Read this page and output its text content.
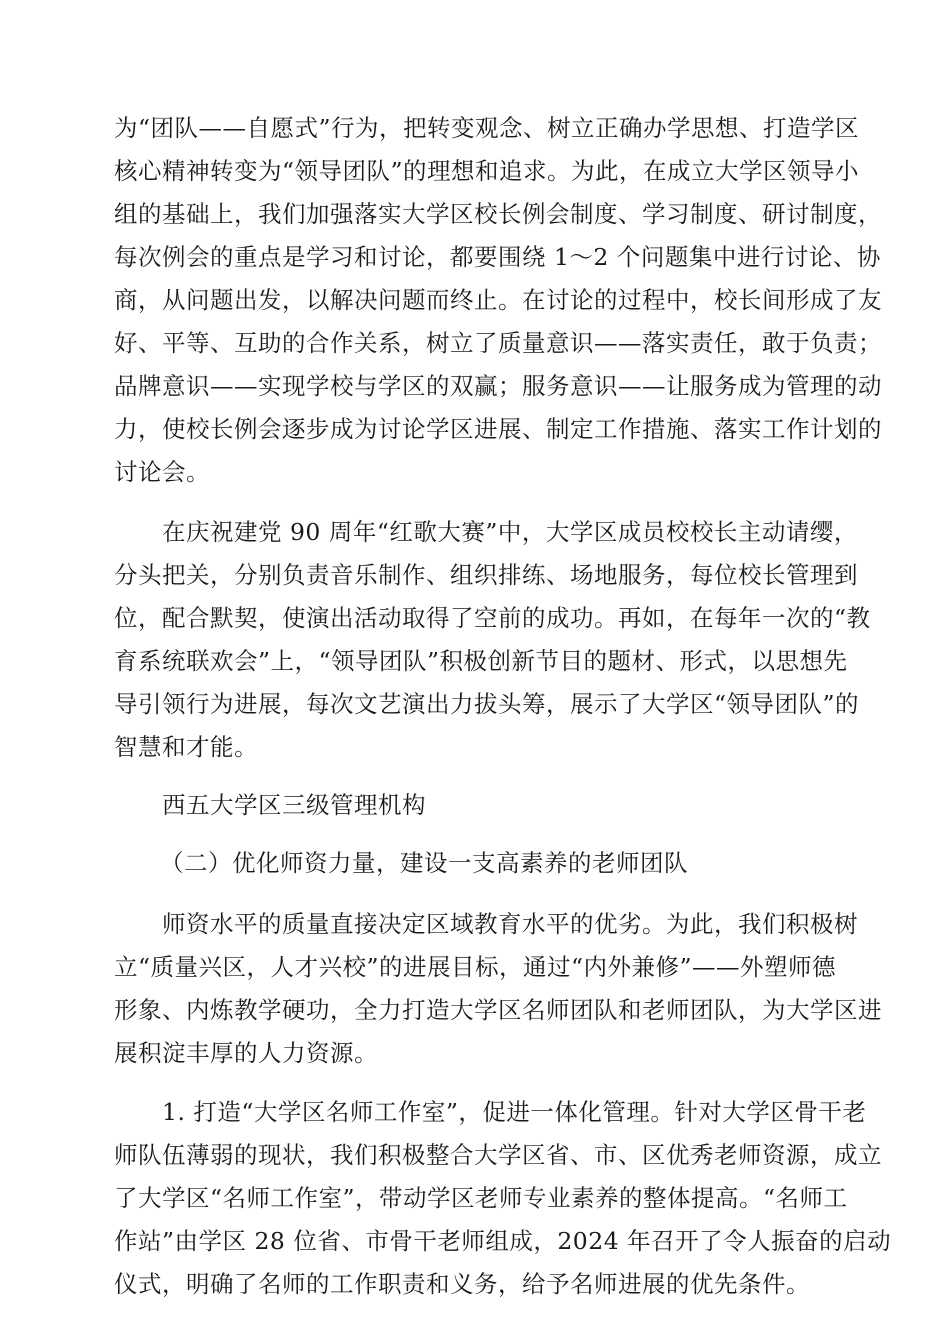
为“团队——自愿式”行为，把转变观念、树立正确办学思想、打造学区
核心精神转变为“领导团队”的理想和追求。为此，在成立大学区领导小
组的基础上，我们加强落实大学区校长例会制度、学习制度、研讨制度，
每次例会的重点是学习和讨论，都要围绕 1～2 个问题集中进行讨论、协
商，从问题出发，以解决问题而终止。在讨论的过程中，校长间形成了友
好、平等、互助的合作关系，树立了质量意识——落实责任，敢于负责；
品牌意识——实现学校与学区的双赢；服务意识——让服务成为管理的动
力，使校长例会逐步成为讨论学区进展、制定工作措施、落实工作计划的
讨论会。
在庆祝建党 90 周年“红歌大赛”中，大学区成员校校长主动请缨，
分头把关，分别负责音乐制作、组织排练、场地服务，每位校长管理到
位，配合默契，使演出活动取得了空前的成功。再如，在每年一次的“教
育系统联欢会”上，“领导团队”积极创新节目的题材、形式，以思想先
导引领行为进展，每次文艺演出力拔头筹，展示了大学区“领导团队”的
智慧和才能。
西五大学区三级管理机构
（二）优化师资力量，建设一支高素养的老师团队
师资水平的质量直接决定区域教育水平的优劣。为此，我们积极树
立“质量兴区，人才兴校”的进展目标，通过“内外兼修”——外塑师德
形象、内炼教学硬功，全力打造大学区名师团队和老师团队，为大学区进
展积淀丰厚的人力资源。
1. 打造“大学区名师工作室”，促进一体化管理。针对大学区骨干老
师队伍薄弱的现状，我们积极整合大学区省、市、区优秀老师资源，成立
了大学区“名师工作室”，带动学区老师专业素养的整体提高。“名师工
作站”由学区 28 位省、市骨干老师组成，2024 年召开了令人振奋的启动
仪式，明确了名师的工作职责和义务，给予名师进展的优先条件。
